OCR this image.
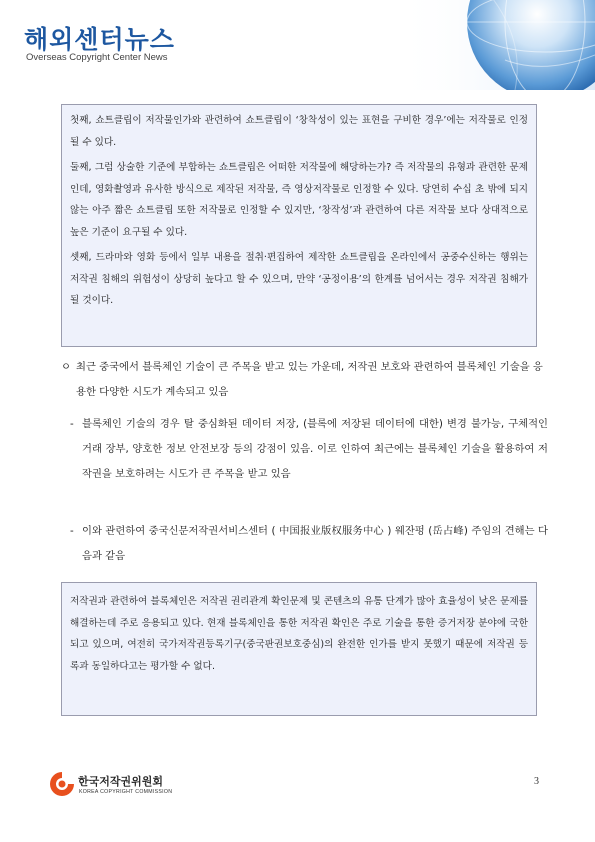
해외센터뉴스
Overseas Copyright Center News

첫째, 쇼트클립이 저작물인가와 관련하여 쇼트클립이 ‘창착성이 있는 표현을 구비한 경우’에는 저작물로 인정될 수 있다.

둘째, 그럼 상술한 기준에 부합하는 쇼트클립은 어떠한 저작물에 해당하는가? 즉 저작물의 유형과 관련한 문제인데, 영화촬영과 유사한 방식으로 제작된 저작물, 즉 영상저작물로 인정할 수 있다. 당연히 수십 초 밖에 되지 않는 아주 짧은 쇼트클립 또한 저작물로 인정할 수 있지만, ‘창작성’과 관련하여 다른 저작물 보다 상대적으로 높은 기준이 요구될 수 있다.

셋째, 드라마와 영화 등에서 일부 내용을 절취·편집하여 제작한 쇼트클립을 온라인에서 공중수신하는 행위는 저작권 침해의 위험성이 상당히 높다고 할 수 있으며, 만약 ‘공정이용’의 한계를 넘어서는 경우 저작권 침해가 될 것이다.

ㅇ 최근 중국에서 블록체인 기술이 큰 주목을 받고 있는 가운데, 저작권 보호와 관련하여 블록체인 기술을 응용한 다양한 시도가 계속되고 있음
- 블록체인 기술의 경우 탈 중심화된 데이터 저장, (블록에 저장된 데이터에 대한) 변경 불가능, 구체적인 거래 장부, 양호한 정보 안전보장 등의 강점이 있음. 이로 인하여 최근에는 블록체인 기술을 활용하여 저작권을 보호하려는 시도가 큰 주목을 받고 있음
- 이와 관련하여 중국신문저작권서비스센터 ( 中国报业版权服务中心 ) 웨잔펑 (岳占峰) 주임의 견해는 다음과 같음

저작권과 관련하여 블록체인은 저작권 권리관계 확인문제 및 콘텐츠의 유통 단계가 많아 효율성이 낮은 문제를 해결하는데 주로 응용되고 있다. 현재 블록체인을 통한 저작권 확인은 주로 기술을 통한 증거저장 분야에 국한되고 있으며, 여전히 국가저작권등록기구(중국판권보호중심)의 완전한 인가를 받지 못했기 때문에 저작권 등록과 동일하다고는 평가할 수 없다.

한국저작권위원회
KOREA COPYRIGHT COMMISSION
3
